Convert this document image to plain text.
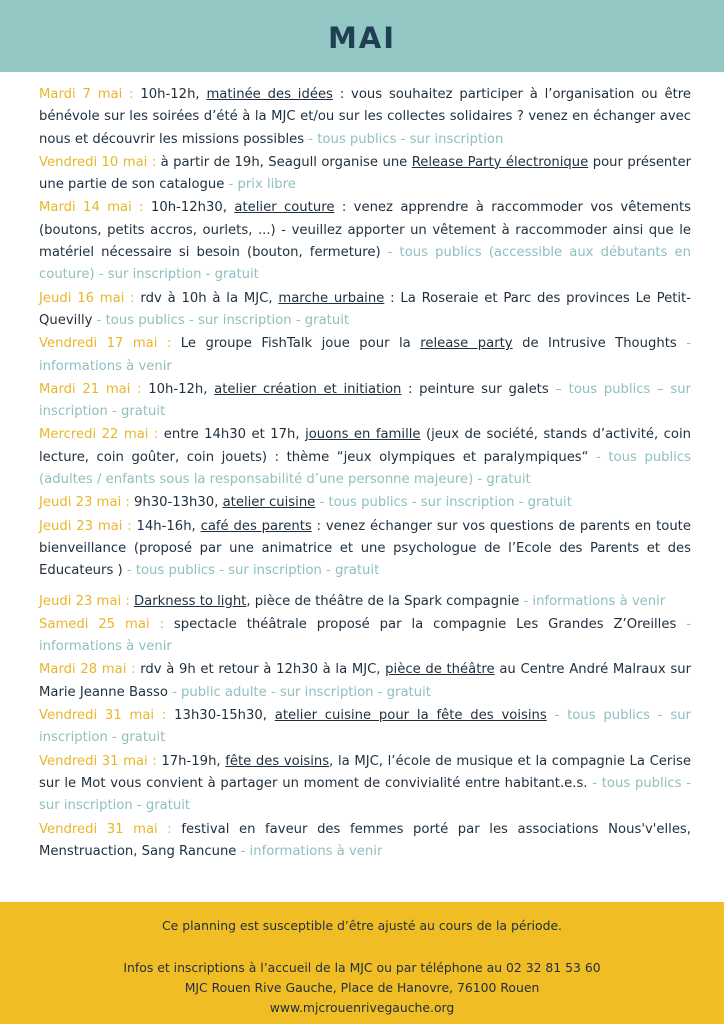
MAI

Mardi 7 mai : 10h-12h, matinée des idées : vous souhaitez participer à l’organisation ou être bénévole sur les soirées d’été à la MJC et/ou sur les collectes solidaires ? venez en échanger avec nous et découvrir les missions possibles - tous publics - sur inscription

Vendredi 10 mai : à partir de 19h, Seagull organise une Release Party électronique pour présenter une partie de son catalogue - prix libre

Mardi 14 mai : 10h-12h30, atelier couture : venez apprendre à raccommoder vos vêtements (boutons, petits accros, ourlets, ...) - veuillez apporter un vêtement à raccommoder ainsi que le matériel nécessaire si besoin (bouton, fermeture) - tous publics (accessible aux débutants en couture) - sur inscription - gratuit

Jeudi 16 mai : rdv à 10h à la MJC, marche urbaine : La Roseraie et Parc des provinces Le Petit-Quevilly - tous publics - sur inscription - gratuit

Vendredi 17 mai : Le groupe FishTalk joue pour la release party de Intrusive Thoughts - informations à venir

Mardi 21 mai : 10h-12h, atelier création et initiation : peinture sur galets – tous publics – sur inscription - gratuit

Mercredi 22 mai : entre 14h30 et 17h, jouons en famille (jeux de société, stands d’activité, coin lecture, coin goûter, coin jouets) : thème “jeux olympiques et paralympiques“ - tous publics (adultes / enfants sous la responsabilité d’une personne majeure) - gratuit

Jeudi 23 mai : 9h30-13h30, atelier cuisine - tous publics - sur inscription - gratuit

Jeudi 23 mai : 14h-16h, café des parents : venez échanger sur vos questions de parents en toute bienveillance (proposé par une animatrice et une psychologue de l’Ecole des Parents et des Educateurs ) - tous publics - sur inscription - gratuit

Jeudi 23 mai : Darkness to light, pièce de théâtre de la Spark compagnie - informations à venir

Samedi 25 mai : spectacle théâtrale proposé par la compagnie Les Grandes Z’Oreilles - informations à venir

Mardi 28 mai : rdv à 9h et retour à 12h30 à la MJC, pièce de théâtre au Centre André Malraux sur Marie Jeanne Basso - public adulte - sur inscription - gratuit

Vendredi 31 mai : 13h30-15h30, atelier cuisine pour la fête des voisins - tous publics - sur inscription - gratuit

Vendredi 31 mai : 17h-19h, fête des voisins, la MJC, l’école de musique et la compagnie La Cerise sur le Mot vous convient à partager un moment de convivialité entre habitant.e.s. - tous publics - sur inscription - gratuit

Vendredi 31 mai : festival en faveur des femmes porté par les associations Nous'v'elles, Menstruaction, Sang Rancune - informations à venir

Ce planning est susceptible d’être ajusté au cours de la période.
Infos et inscriptions à l’accueil de la MJC ou par téléphone au 02 32 81 53 60
MJC Rouen Rive Gauche, Place de Hanovre, 76100 Rouen
www.mjcrouenrivegauche.org
